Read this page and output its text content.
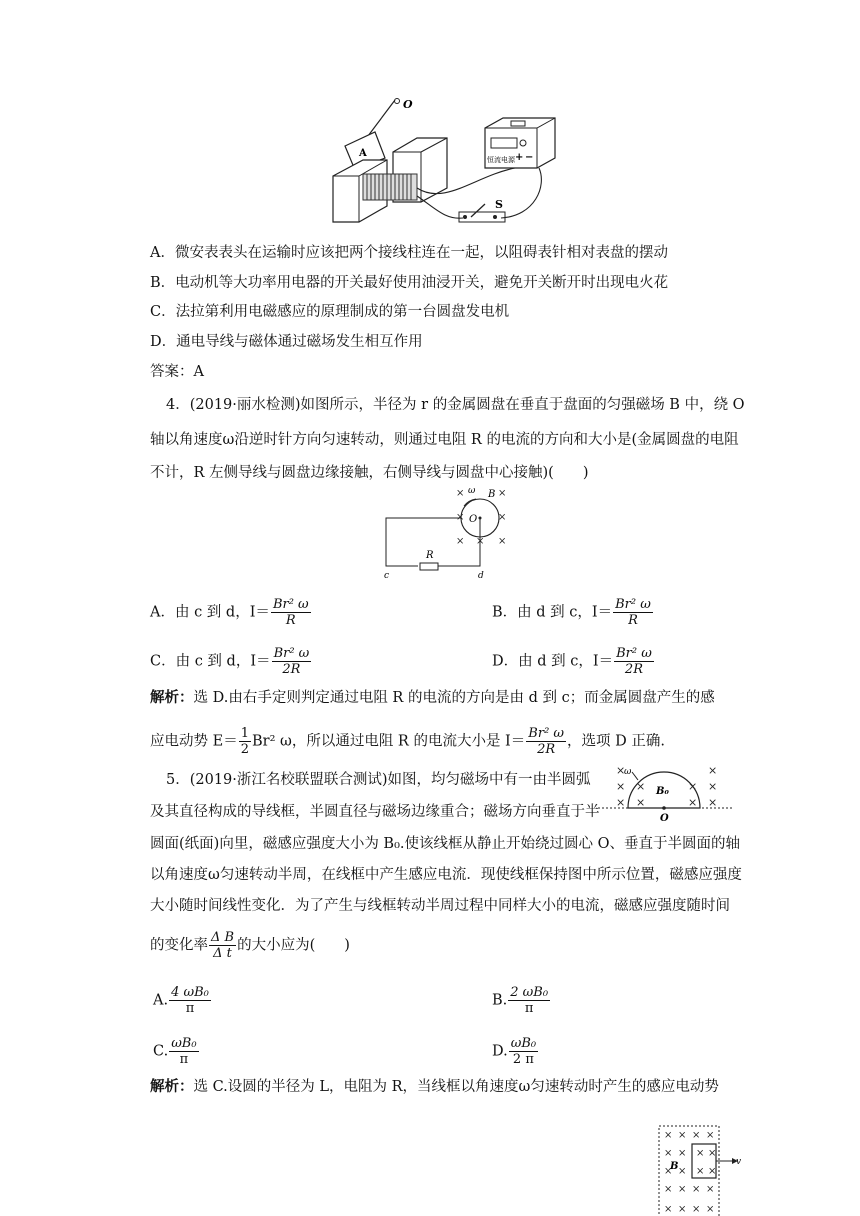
A
O
恒流电源 + −
S
A．微安表表头在运输时应该把两个接线柱连在一起，以阻碍表针相对表盘的摆动
B．电动机等大功率用电器的开关最好使用油浸开关，避免开关断开时出现电火花
C．法拉第利用电磁感应的原理制成的第一台圆盘发电机
D．通电导线与磁体通过磁场发生相互作用
答案：A
4．(2019·丽水检测)如图所示，半径为 r 的金属圆盘在垂直于盘面的匀强磁场 B 中，绕 O
轴以角速度ω沿逆时针方向匀速转动，则通过电阻 R 的电流的方向和大小是(金属圆盘的电阻
不计，R 左侧导线与圆盘边缘接触，右侧导线与圆盘中心接触)(　　)
×	×
×	×
× × ×
ω B
O
R
c	d
A．由 c 到 d，$I= \frac{\text{Br² ω}}{R}$	B．由 d 到 c，$I= \frac{\text{Br² ω}}{R}$
C．由 c 到 d，$I= \frac{\text{Br² ω}}{2R}$	D．由 d 到 c，$I= \frac{\text{Br² ω}}{2R}$
解析：选 D.由右手定则判定通过电阻 R 的电流的方向是由 d 到 c；而金属圆盘产生的感
应电动势 $E= \frac{1}{2} Br^2$ ω，所以通过电阻 R 的电流大小是 $I= \frac{\text{Br² ω}}{2R}$ ，选项 D 正确.
5．(2019·浙江名校联盟联合测试)如图，均匀磁场中有一由半圆弧
及其直径构成的导线框，半圆直径与磁场边缘重合；磁场方向垂直于半
圆面(纸面)向里，磁感应强度大小为 B₀.使该线框从静止开始绕过圆心 O、垂直于半圆面的轴
以角速度ω匀速转动半周，在线框中产生感应电流．现使线框保持图中所示位置，磁感应强度
大小随时间线性变化．为了产生与线框转动半周过程中同样大小的电流，磁感应强度随时间
的变化率 $\frac{\text{Δ B}}{\text{Δ t}}$ 的大小应为(　　)
×	×
× ×	× ×
× ×	× ×
ω
B₀
O
A. $\frac{\text{4 ωB₀}}{\pi}$	B. $\frac{\text{2 ωB₀}}{\pi}$
C. $\frac{\text{ωB₀}}{\pi}$	D. $\frac{\text{ωB₀}}{2 \pi}$
解析：选 C.设圆的半径为 L，电阻为 R，当线框以角速度ω匀速转动时产生的感应电动势
× × × ×
× × × ×
× × × ×
× × × ×
× × × ×
B	v
